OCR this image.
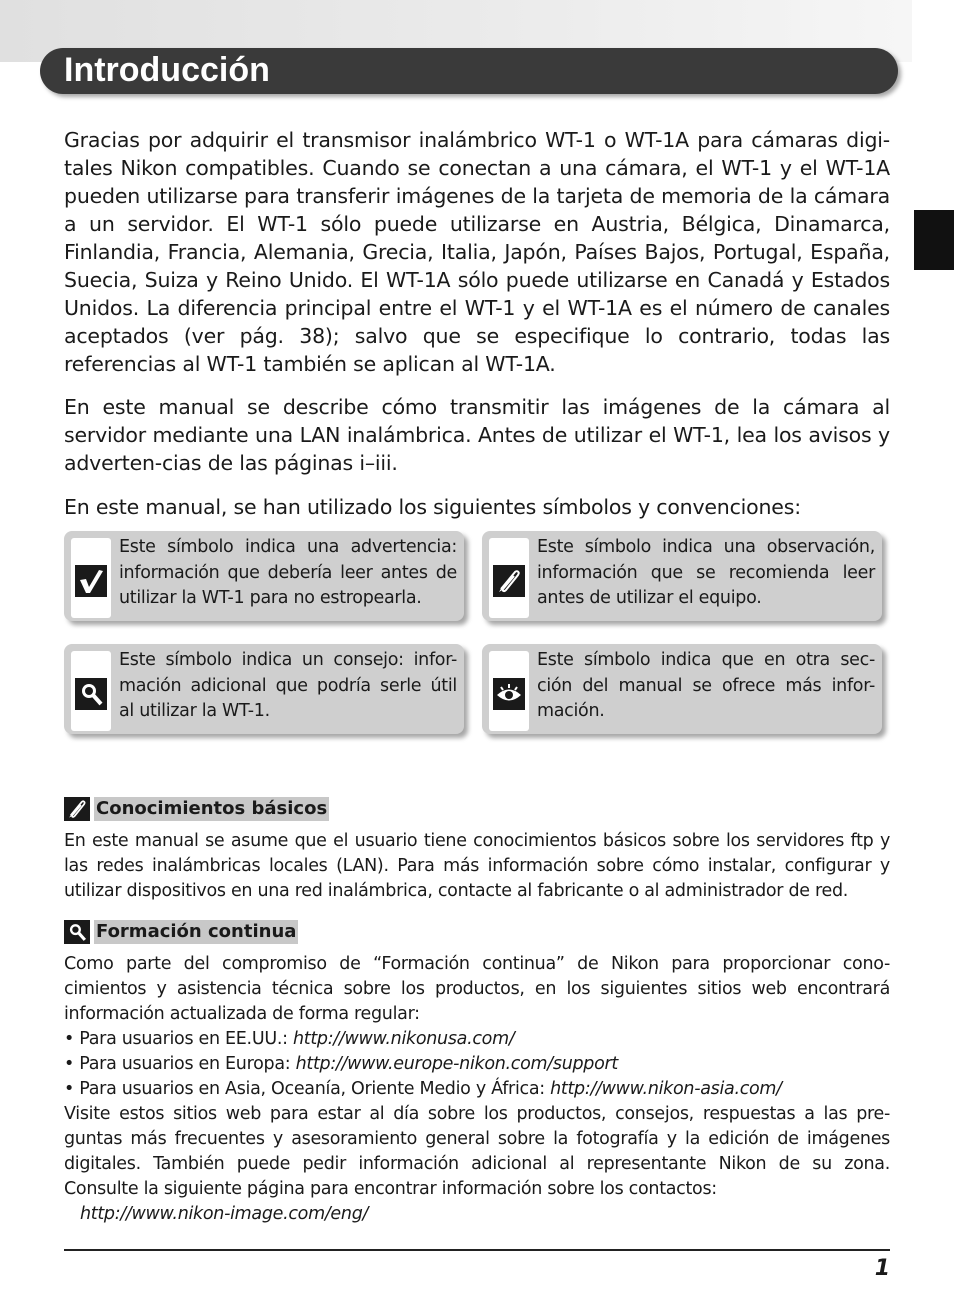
Introducción

Gracias por adquirir el transmisor inalámbrico WT-1 o WT-1A para cámaras digi-tales Nikon compatibles. Cuando se conectan a una cámara, el WT-1 y el WT-1A pueden utilizarse para transferir imágenes de la tarjeta de memoria de la cámara a un servidor. El WT-1 sólo puede utilizarse en Austria, Bélgica, Dinamarca, Finlandia, Francia, Alemania, Grecia, Italia, Japón, Países Bajos, Portugal, España, Suecia, Suiza y Reino Unido. El WT-1A sólo puede utilizarse en Canadá y Estados Unidos. La diferencia principal entre el WT-1 y el WT-1A es el número de canales aceptados (ver pág. 38); salvo que se especifique lo contrario, todas las referencias al WT-1 también se aplican al WT-1A.

En este manual se describe cómo transmitir las imágenes de la cámara al servidor mediante una LAN inalámbrica. Antes de utilizar el WT-1, lea los avisos y adverten-cias de las páginas i–iii.

En este manual, se han utilizado los siguientes símbolos y convenciones:

Este símbolo indica una advertencia: información que debería leer antes de utilizar la WT-1 para no estropearla.
Este símbolo indica una observación, información que se recomienda leer antes de utilizar el equipo.
Este símbolo indica un consejo: infor-mación adicional que podría serle útil al utilizar la WT-1.
Este símbolo indica que en otra sec-ción del manual se ofrece más infor-mación.
Conocimientos básicos

En este manual se asume que el usuario tiene conocimientos básicos sobre los servidores ftp y las redes inalámbricas locales (LAN). Para más información sobre cómo instalar, configurar y utilizar dispositivos en una red inalámbrica, contacte al fabricante o al administrador de red.

Formación continua

Como parte del compromiso de “Formación continua” de Nikon para proporcionar cono-cimientos y asistencia técnica sobre los productos, en los siguientes sitios web encontrará información actualizada de forma regular:

• Para usuarios en EE.UU.: http://www.nikonusa.com/
• Para usuarios en Europa: http://www.europe-nikon.com/support
• Para usuarios en Asia, Oceanía, Oriente Medio y África: http://www.nikon-asia.com/

Visite estos sitios web para estar al día sobre los productos, consejos, respuestas a las pre-guntas más frecuentes y asesoramiento general sobre la fotografía y la edición de imágenes digitales. También puede pedir información adicional al representante Nikon de su zona. Consulte la siguiente página para encontrar información sobre los contactos:

http://www.nikon-image.com/eng/
1
